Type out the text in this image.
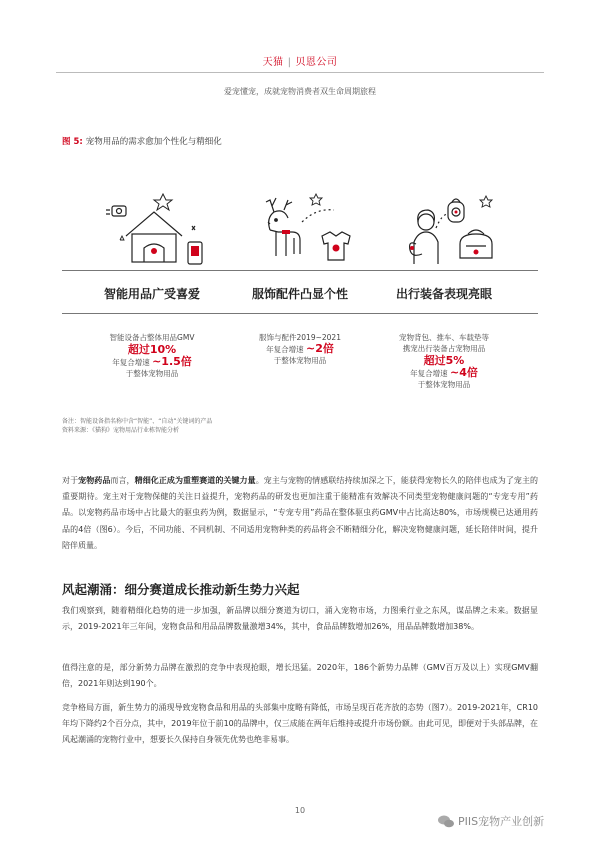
天猫 | 贝恩公司
爱宠懂宠，成就宠物消费者双生命周期旅程
图 5: 宠物用品的需求愈加个性化与精细化
智能用品广受喜爱	服饰配件凸显个性	出行装备表现亮眼
智能设备占整体用品GMV
超过10%
年复合增速 ~1.5倍
于整体宠物用品
服饰与配件2019~2021
年复合增速 ~2倍
于整体宠物用品
宠物背包、推车、车载垫等
携宠出行装备占宠物用品
超过5%
年复合增速 ~4倍
于整体宠物用品
备注：智能设备指名称中含“智能”、“自动”关键词的产品
资料来源：《猫狗》宠物用品行业栋智能分析
对于宠物药品而言，精细化正成为重塑赛道的关键力量。宠主与宠物的情感联结持续加深之下，能获得宠物长久的陪伴也成为了宠主的重要期待。宠主对于宠物保健的关注日益提升，宠物药品的研发也更加注重于能精准有效解决不同类型宠物健康问题的“专宠专用”药品。以宠物药品市场中占比最大的驱虫药为例，数据显示，“专宠专用”药品在整体驱虫药GMV中占比高达80%，市场规模已达通用药品的4倍（图6）。今后，不同功能、不同机制、不同适用宠物种类的药品将会不断精细分化，解决宠物健康问题，延长陪伴时间，提升陪伴质量。
风起潮涌：细分赛道成长推动新生势力兴起
我们观察到，随着精细化趋势的进一步加强，新品牌以细分赛道为切口，涌入宠物市场，力图乘行业之东风，谋品牌之未来。数据显示，2019-2021年三年间，宠物食品和用品品牌数量激增34%，其中，食品品牌数增加26%，用品品牌数增加38%。
值得注意的是，部分新势力品牌在激烈的竞争中表现抢眼，增长迅猛。2020年，186个新势力品牌（GMV百万及以上）实现GMV翻倍，2021年则达到190个。
竞争格局方面，新生势力的涌现导致宠物食品和用品的头部集中度略有降低，市场呈现百花齐放的态势（图7）。2019-2021年，CR10年均下降约2个百分点，其中，2019年位于前10的品牌中，仅三成能在两年后维持或提升市场份额。由此可见，即便对于头部品牌，在风起潮涌的宠物行业中，想要长久保持自身领先优势也绝非易事。
10
PIIS宠物产业创新
